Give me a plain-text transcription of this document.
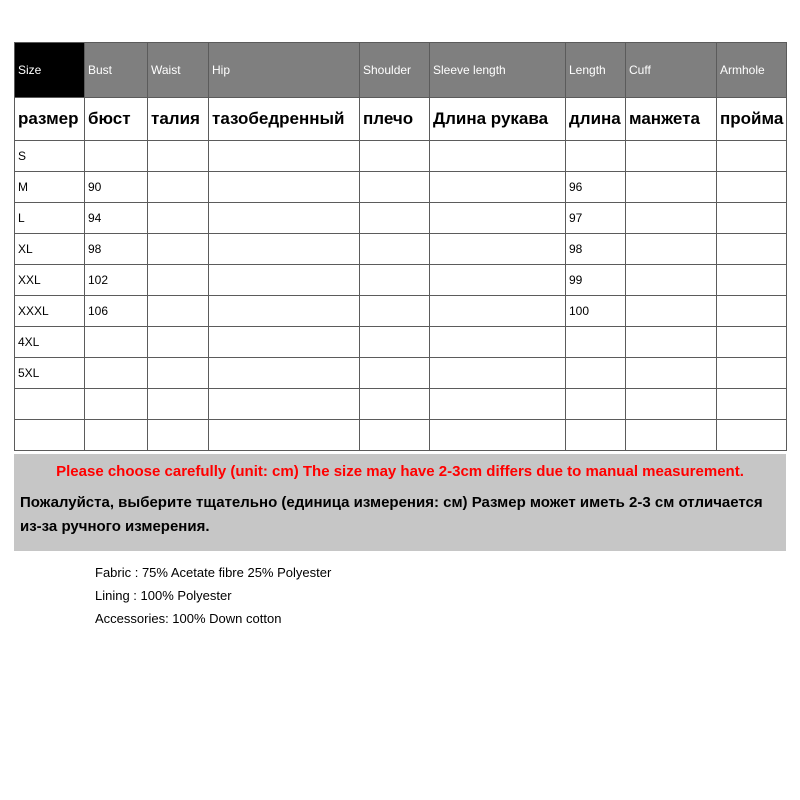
Size	Bust	Waist	Hip	Shoulder	Sleeve length	Length	Cuff	Armhole
размер	бюст	талия	тазобедренный	плечо	Длина рукава	длина	манжета	пройма
S								
M	90					96		
L	94					97		
XL	98					98		
XXL	102					99		
XXXL	106					100		
4XL								
5XL								

Please choose carefully (unit: cm) The size may have 2-3cm differs due to manual measurement.

Пожалуйста, выберите тщательно (единица измерения: см) Размер может иметь 2-3 см отличается из-за ручного измерения.

Fabric : 75% Acetate fibre 25% Polyester
Lining : 100% Polyester
Accessories: 100% Down cotton
